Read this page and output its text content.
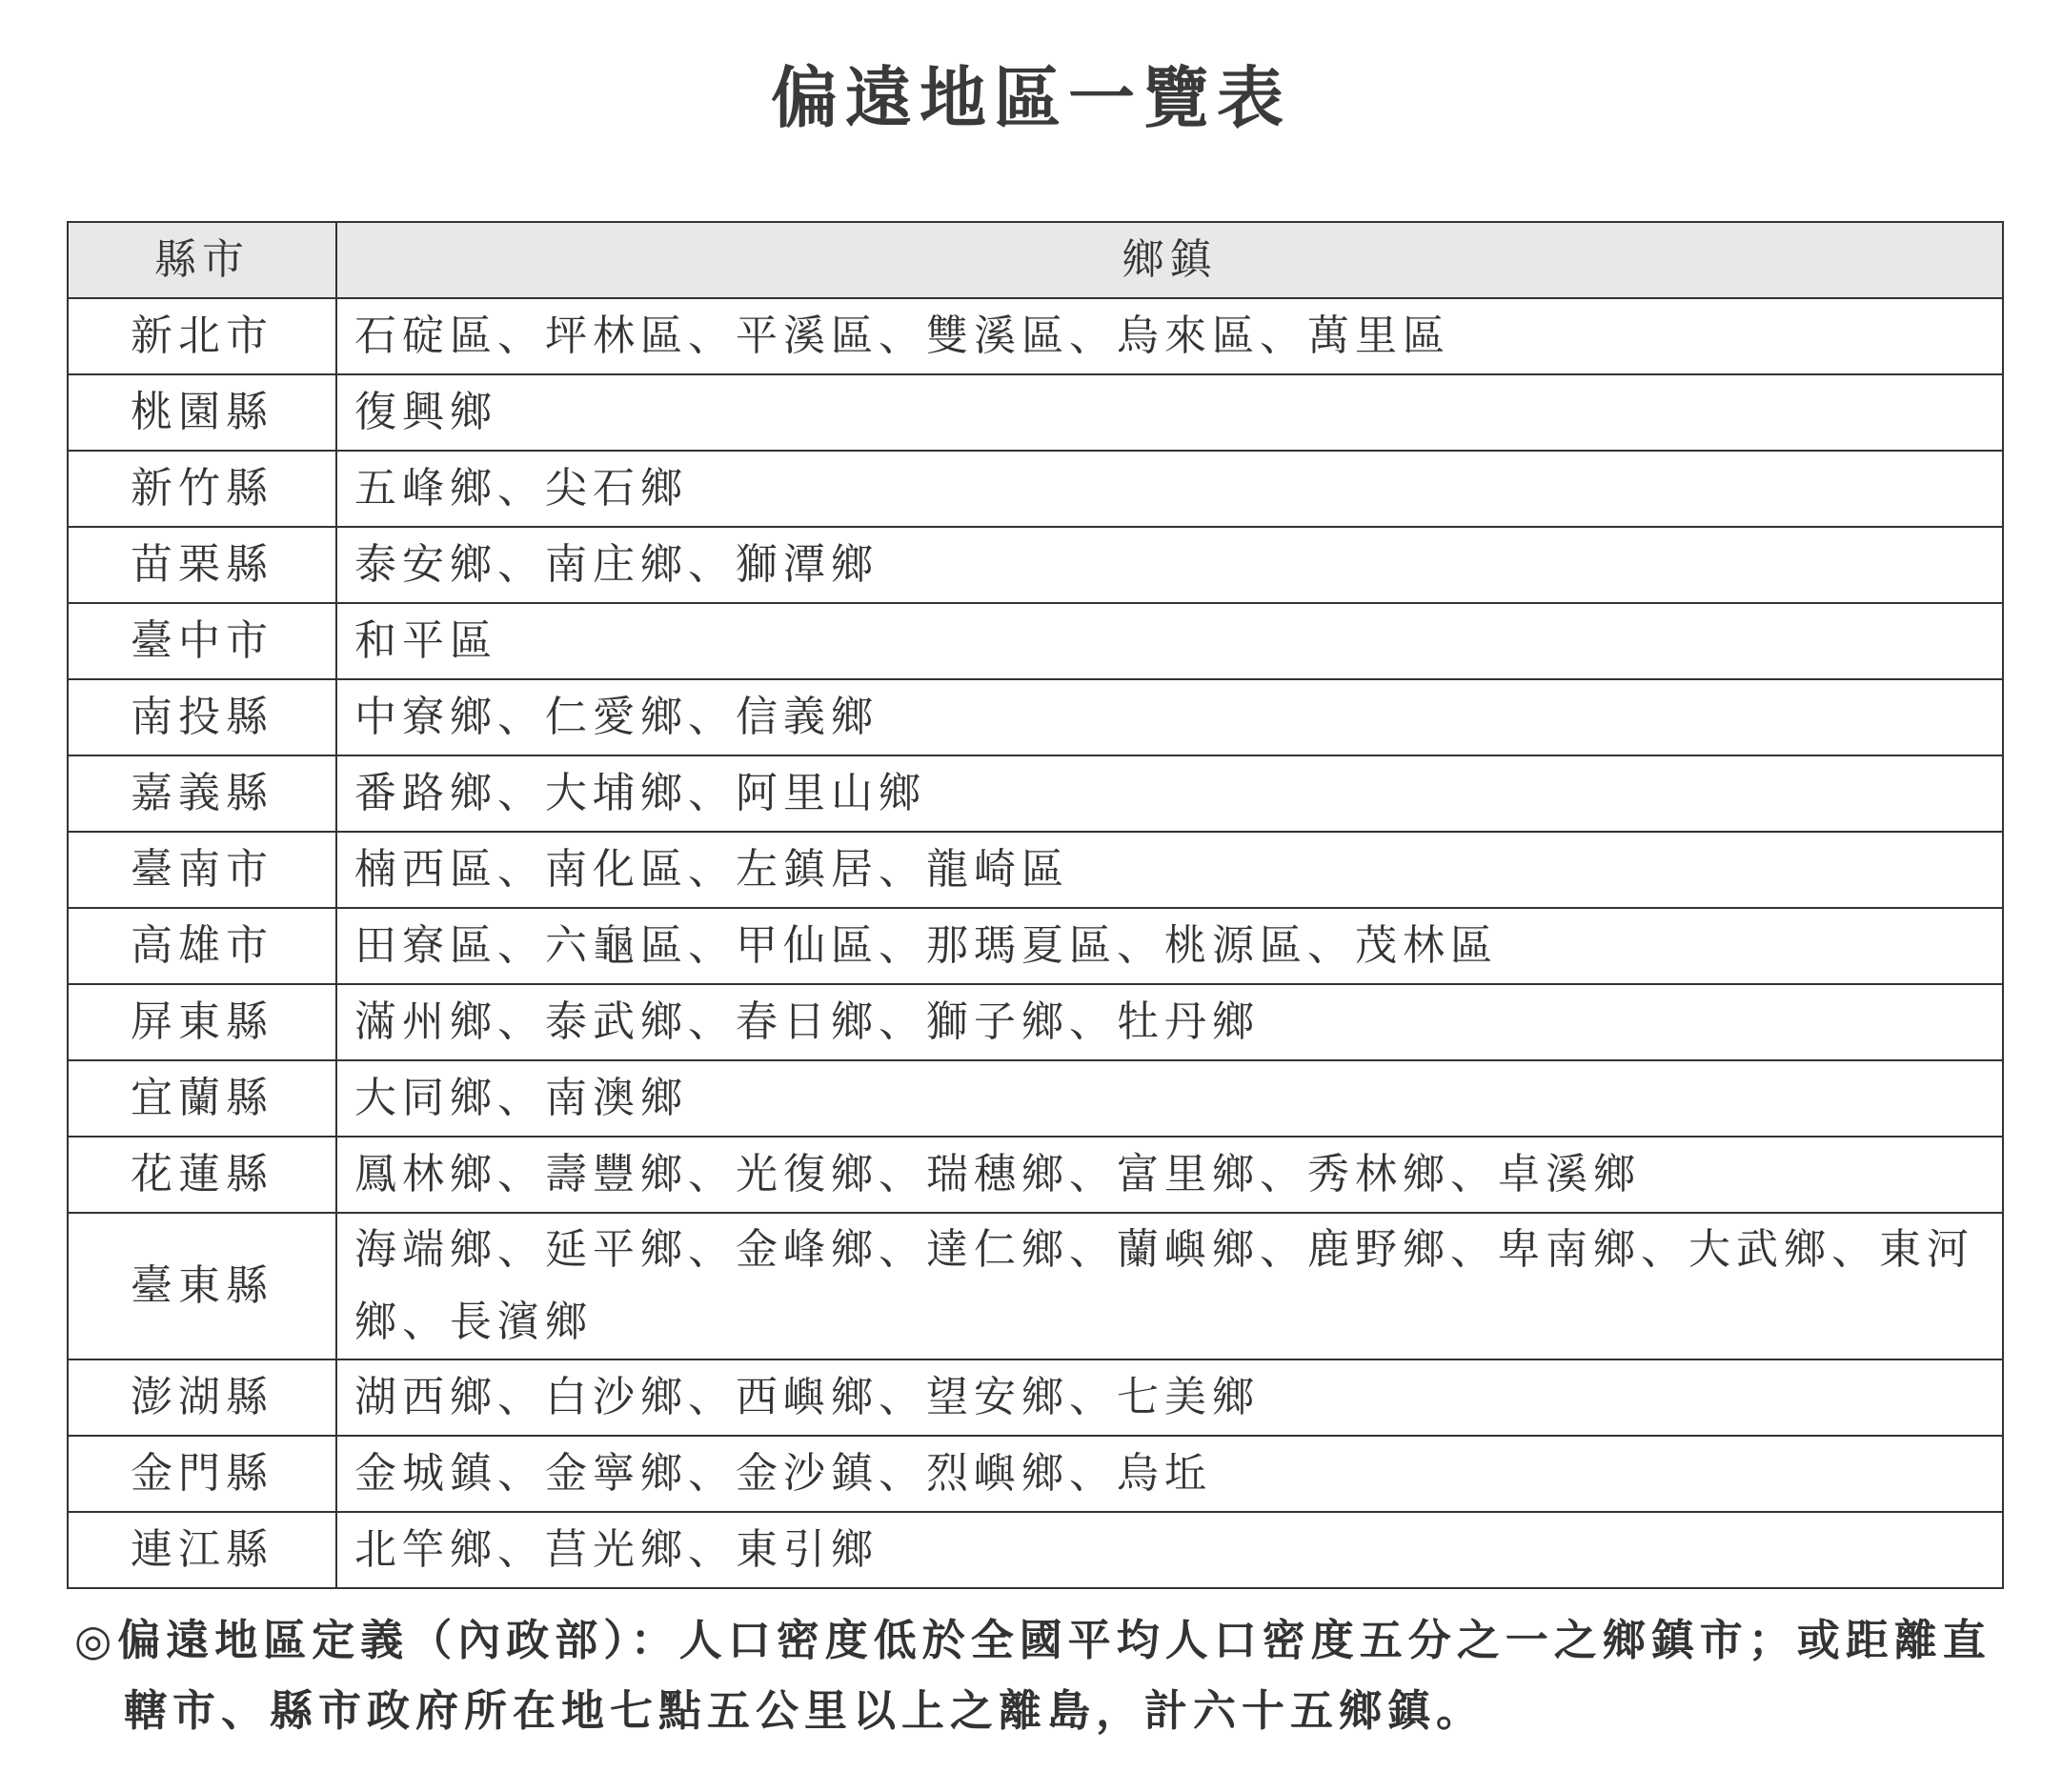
偏遠地區一覽表
縣市	鄉鎮
新北市	石碇區、坪林區、平溪區、雙溪區、烏來區、萬里區
桃園縣	復興鄉
新竹縣	五峰鄉、尖石鄉
苗栗縣	泰安鄉、南庄鄉、獅潭鄉
臺中市	和平區
南投縣	中寮鄉、仁愛鄉、信義鄉
嘉義縣	番路鄉、大埔鄉、阿里山鄉
臺南市	楠西區、南化區、左鎮居、龍崎區
高雄市	田寮區、六龜區、甲仙區、那瑪夏區、桃源區、茂林區
屏東縣	滿州鄉、泰武鄉、春日鄉、獅子鄉、牡丹鄉
宜蘭縣	大同鄉、南澳鄉
花蓮縣	鳳林鄉、壽豐鄉、光復鄉、瑞穗鄉、富里鄉、秀林鄉、卓溪鄉
臺東縣	海端鄉、延平鄉、金峰鄉、達仁鄉、蘭嶼鄉、鹿野鄉、卑南鄉、大武鄉、東河鄉、長濱鄉
澎湖縣	湖西鄉、白沙鄉、西嶼鄉、望安鄉、七美鄉
金門縣	金城鎮、金寧鄉、金沙鎮、烈嶼鄉、烏坵
連江縣	北竿鄉、莒光鄉、東引鄉
◎偏遠地區定義（內政部）：人口密度低於全國平均人口密度五分之一之鄉鎮市；或距離直
轄市、縣市政府所在地七點五公里以上之離島，計六十五鄉鎮。
